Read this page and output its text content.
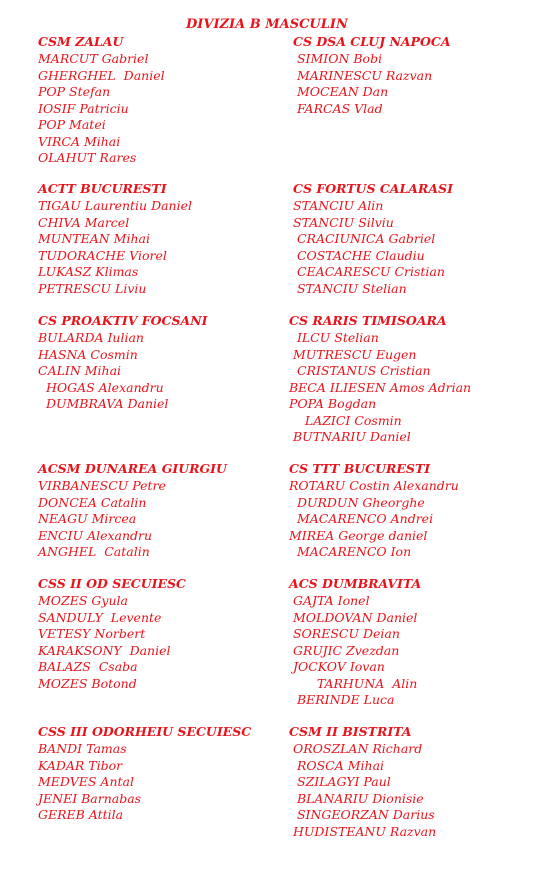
DIVIZIA B MASCULIN
CSM ZALAU
MARCUT Gabriel
GHERGHEL  Daniel
POP Stefan
IOSIF Patriciu
POP Matei
VIRCA Mihai
OLAHUT Rares
CS DSA CLUJ NAPOCA
SIMION Bobi
MARINESCU Razvan
MOCEAN Dan
FARCAS Vlad
ACTT BUCURESTI
TIGAU Laurentiu Daniel
CHIVA Marcel
MUNTEAN Mihai
TUDORACHE Viorel
LUKASZ Klimas
PETRESCU Liviu
CS FORTUS CALARASI
STANCIU Alin
STANCIU Silviu
CRACIUNICA Gabriel
COSTACHE Claudiu
CEACARESCU Cristian
STANCIU Stelian
CS PROAKTIV FOCSANI
BULARDA Iulian
HASNA Cosmin
CALIN Mihai
HOGAS Alexandru
DUMBRAVA Daniel
CS RARIS TIMISOARA
ILCU Stelian
MUTRESCU Eugen
CRISTANUS Cristian
BECA ILIESEN Amos Adrian
POPA Bogdan
LAZICI Cosmin
BUTNARIU Daniel
ACSM DUNAREA GIURGIU
VIRBANESCU Petre
DONCEA Catalin
NEAGU Mircea
ENCIU Alexandru
ANGHEL  Catalin
CS TTT BUCURESTI
ROTARU Costin Alexandru
DURDUN Gheorghe
MACARENCO Andrei
MIREA George daniel
MACARENCO Ion
CSS II OD SECUIESC
MOZES Gyula
SANDULY  Levente
VETESY Norbert
KARAKSONY  Daniel
BALAZS  Csaba
MOZES Botond
ACS DUMBRAVITA
GAJTA Ionel
MOLDOVAN Daniel
SORESCU Deian
GRUJIC Zvezdan
JOCKOV Iovan
TARHUNA  Alin
BERINDE Luca
CSS III ODORHEIU SECUIESC
BANDI Tamas
KADAR Tibor
MEDVES Antal
JENEI Barnabas
GEREB Attila
CSM II BISTRITA
OROSZLAN Richard
ROSCA Mihai
SZILAGYI Paul
BLANARIU Dionisie
SINGEORZAN Darius
HUDISTEANU Razvan
